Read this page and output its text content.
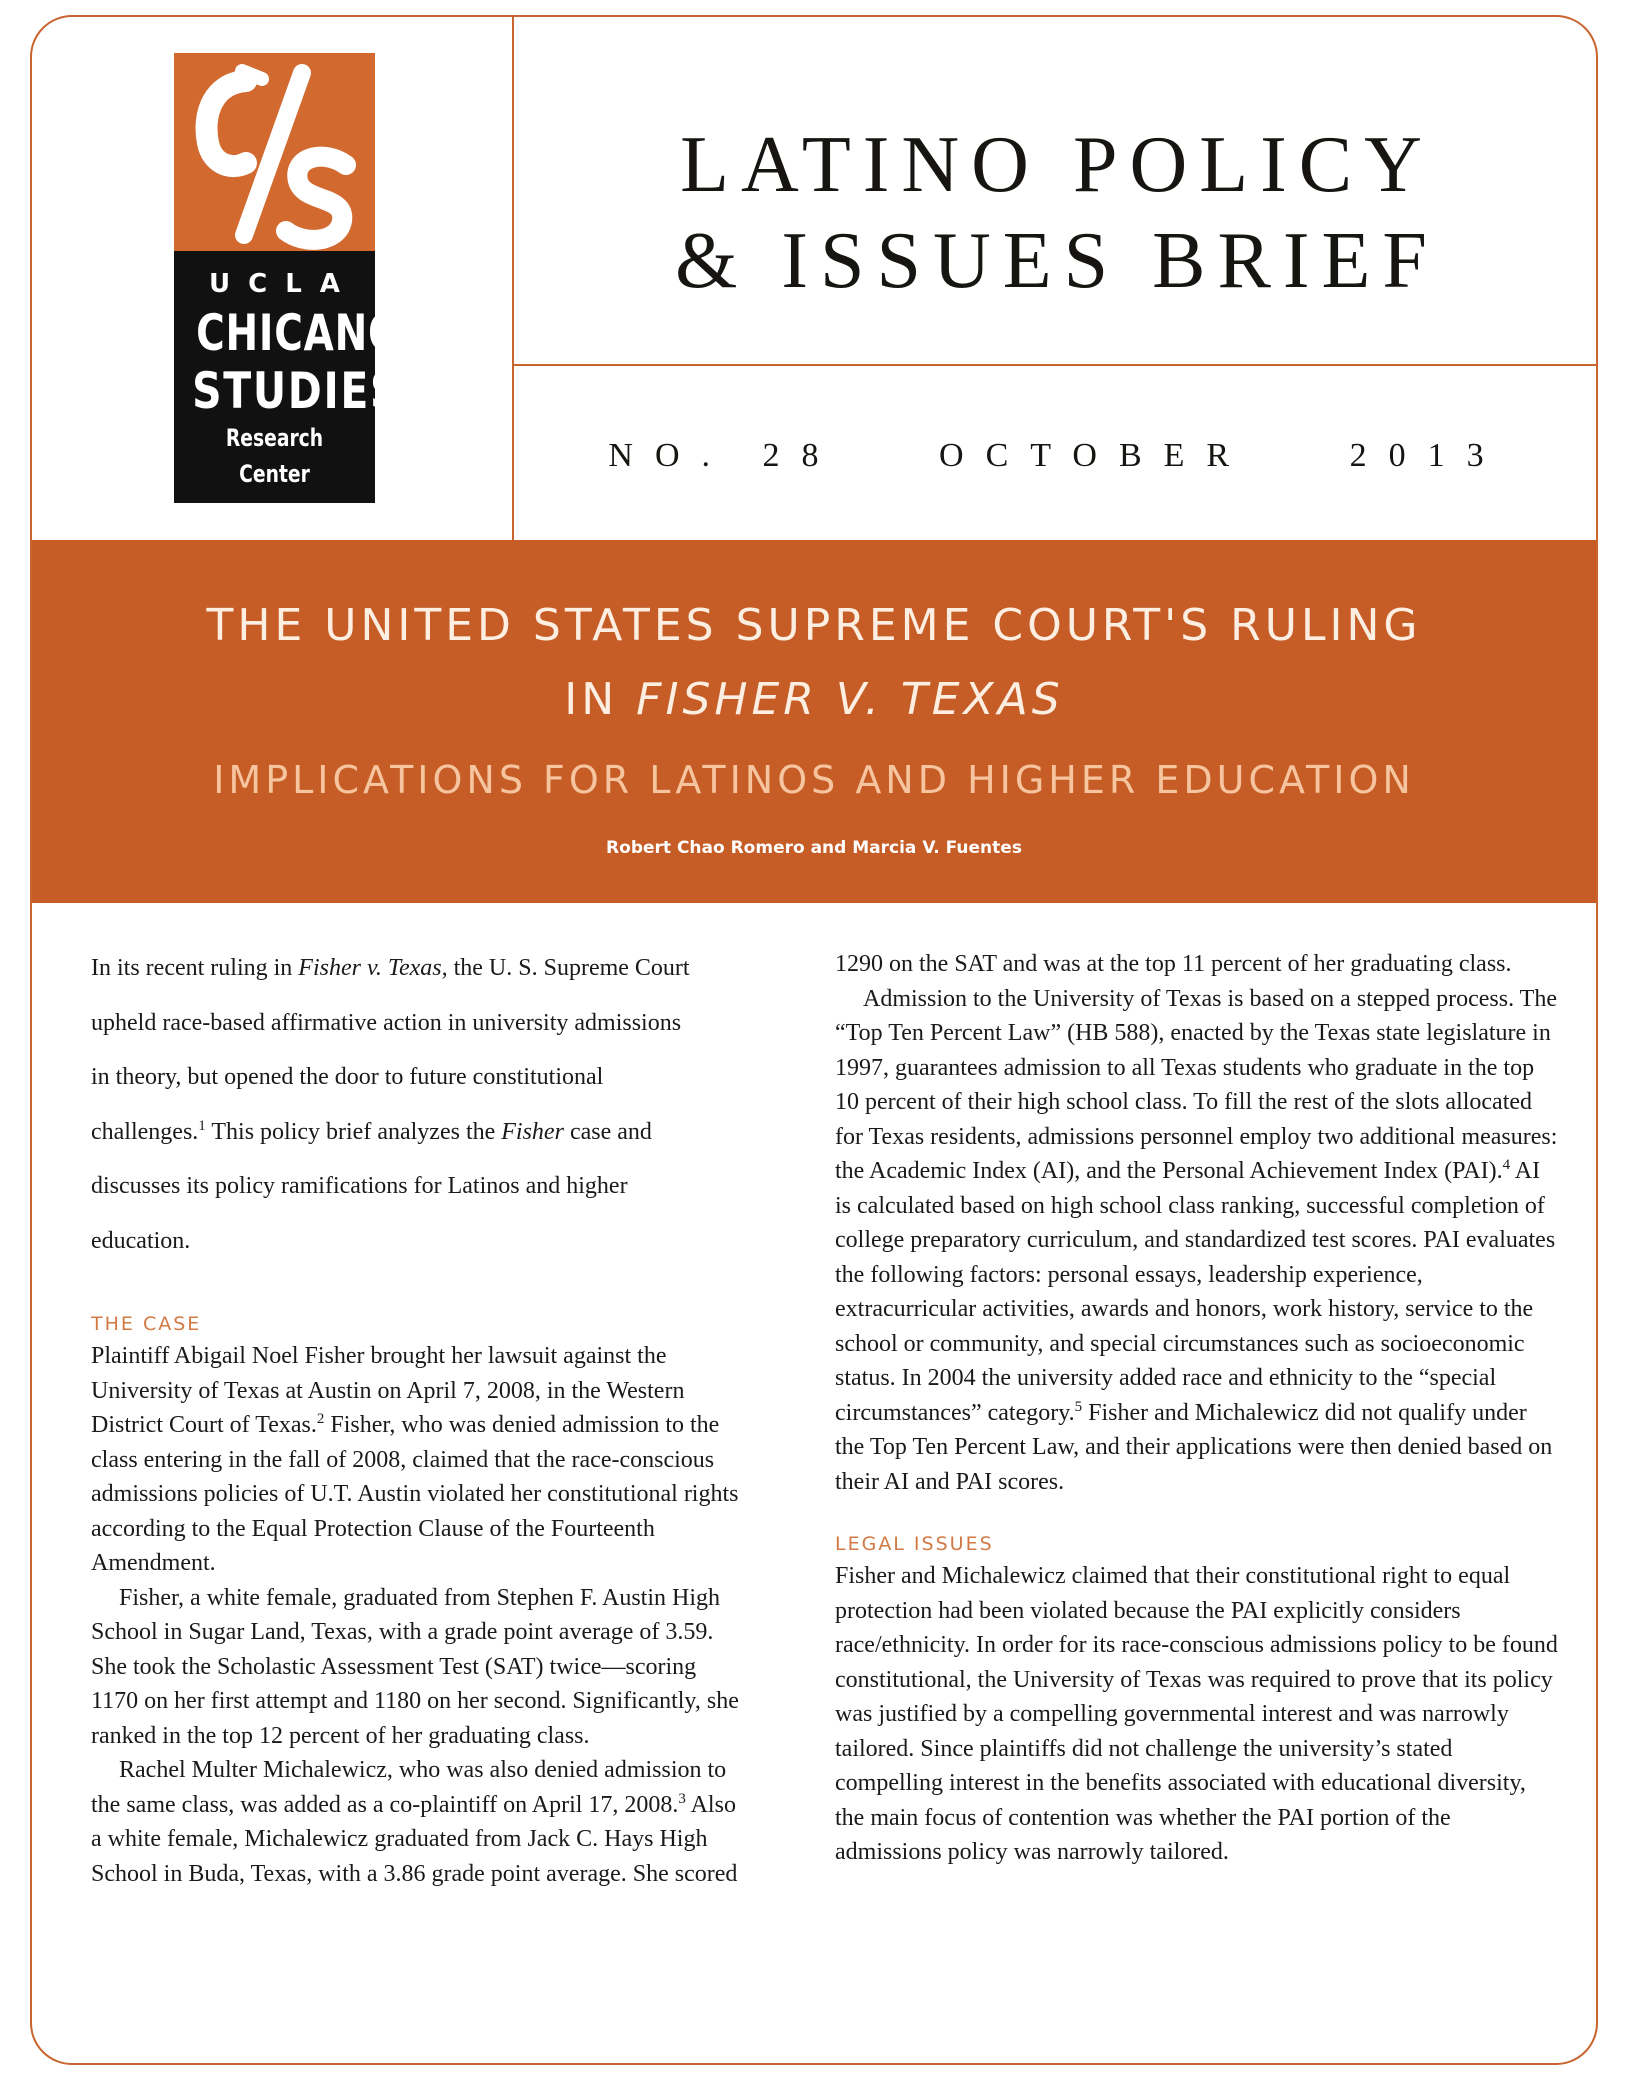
UCLA
CHICANO
STUDIES
Research Center
LATINO POLICY
& ISSUES BRIEF
NO. 28	OCTOBER	2013
THE UNITED STATES SUPREME COURT'S RULING
IN FISHER V. TEXAS
IMPLICATIONS FOR LATINOS AND HIGHER EDUCATION
Robert Chao Romero and Marcia V. Fuentes

In its recent ruling in Fisher v. Texas, the U. S. Supreme Court upheld race-based affirmative action in university admissions in theory, but opened the door to future constitutional challenges.$^1$ This policy brief analyzes the Fisher case and discusses its policy ramifications for Latinos and higher education.

THE CASE

Plaintiff Abigail Noel Fisher brought her lawsuit against the University of Texas at Austin on April 7, 2008, in the Western District Court of Texas.$^2$ Fisher, who was denied admission to the class entering in the fall of 2008, claimed that the race-conscious admissions policies of U.T. Austin violated her constitutional rights according to the Equal Protection Clause of the Fourteenth Amendment.

Fisher, a white female, graduated from Stephen F. Austin High School in Sugar Land, Texas, with a grade point average of 3.59. She took the Scholastic Assessment Test (SAT) twice—scoring 1170 on her first attempt and 1180 on her second. Significantly, she ranked in the top 12 percent of her graduating class.

Rachel Multer Michalewicz, who was also denied admission to the same class, was added as a co-plaintiff on April 17, 2008.$^3$ Also a white female, Michalewicz graduated from Jack C. Hays High School in Buda, Texas, with a 3.86 grade point average. She scored

1290 on the SAT and was at the top 11 percent of her graduating class.

Admission to the University of Texas is based on a stepped process. The “Top Ten Percent Law” (HB 588), enacted by the Texas state legislature in 1997, guarantees admission to all Texas students who graduate in the top 10 percent of their high school class. To fill the rest of the slots allocated for Texas residents, admissions personnel employ two additional measures: the Academic Index (AI), and the Personal Achievement Index (PAI).$^4$ AI is calculated based on high school class ranking, successful completion of college preparatory curriculum, and standardized test scores. PAI evaluates the following factors: personal essays, leadership experience, extracurricular activities, awards and honors, work history, service to the school or community, and special circumstances such as socioeconomic status. In 2004 the university added race and ethnicity to the “special circumstances” category.$^5$ Fisher and Michalewicz did not qualify under the Top Ten Percent Law, and their applications were then denied based on their AI and PAI scores.

LEGAL ISSUES

Fisher and Michalewicz claimed that their constitutional right to equal protection had been violated because the PAI explicitly considers race/ethnicity. In order for its race-conscious admissions policy to be found constitutional, the University of Texas was required to prove that its policy was justified by a compelling governmental interest and was narrowly tailored. Since plaintiffs did not challenge the university’s stated compelling interest in the benefits associated with educational diversity, the main focus of contention was whether the PAI portion of the admissions policy was narrowly tailored.
